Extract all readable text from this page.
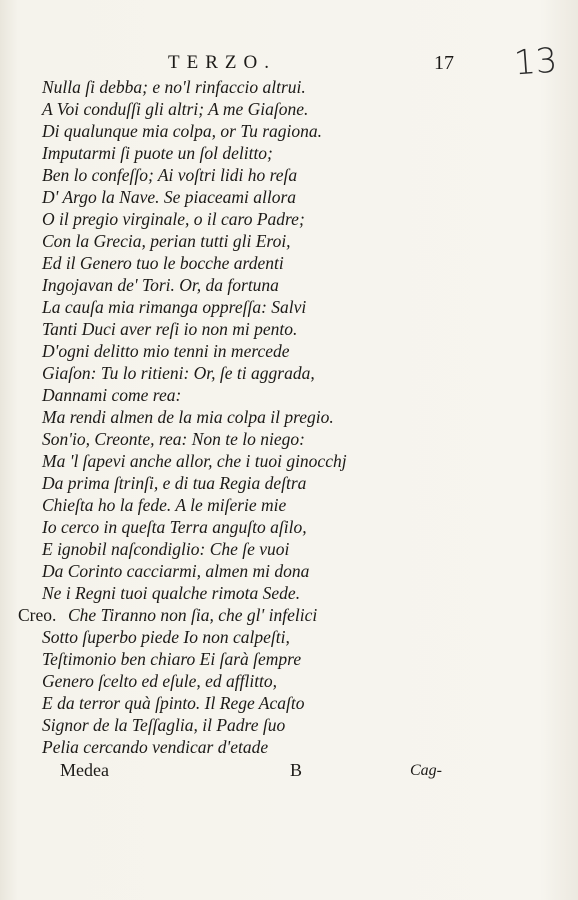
TERZO.	17 13
Nulla ſi debba; e no'l rinfaccio altrui.
A Voi conduſſi gli altri; A me Giaſone.
Di qualunque mia colpa, or Tu ragiona.
Imputarmi ſi puote un ſol delitto;
Ben lo confeſſo; Ai voſtri lidi ho reſa
D' Argo la Nave. Se piaceami allora
O il pregio virginale, o il caro Padre;
Con la Grecia, perian tutti gli Eroi,
Ed il Genero tuo le bocche ardenti
Ingojavan de' Tori. Or, da fortuna
La cauſa mia rimanga oppreſſa: Salvi
Tanti Duci aver reſi io non mi pento.
D'ogni delitto mio tenni in mercede
Giaſon: Tu lo ritieni: Or, ſe ti aggrada,
Dannami come rea:
Ma rendi almen de la mia colpa il pregio.
Son'io, Creonte, rea: Non te lo niego:
Ma 'l ſapevi anche allor, che i tuoi ginocchj
Da prima ſtrinſi, e di tua Regia deſtra
Chieſta ho la fede. A le miſerie mie
Io cerco in queſta Terra anguſto aſilo,
E ignobil naſcondiglio: Che ſe vuoi
Da Corinto cacciarmi, almen mi dona
Ne i Regni tuoi qualche rimota Sede.
Creo. Che Tiranno non ſia, che gl' infelici
Sotto ſuperbo piede Io non calpeſti,
Teſtimonio ben chiaro Ei ſarà ſempre
Genero ſcelto ed eſule, ed afflitto,
E da terror quà ſpinto. Il Rege Acaſto
Signor de la Teſſaglia, il Padre ſuo
Pelia cercando vendicar d'etade
Medea	B	Cag-
